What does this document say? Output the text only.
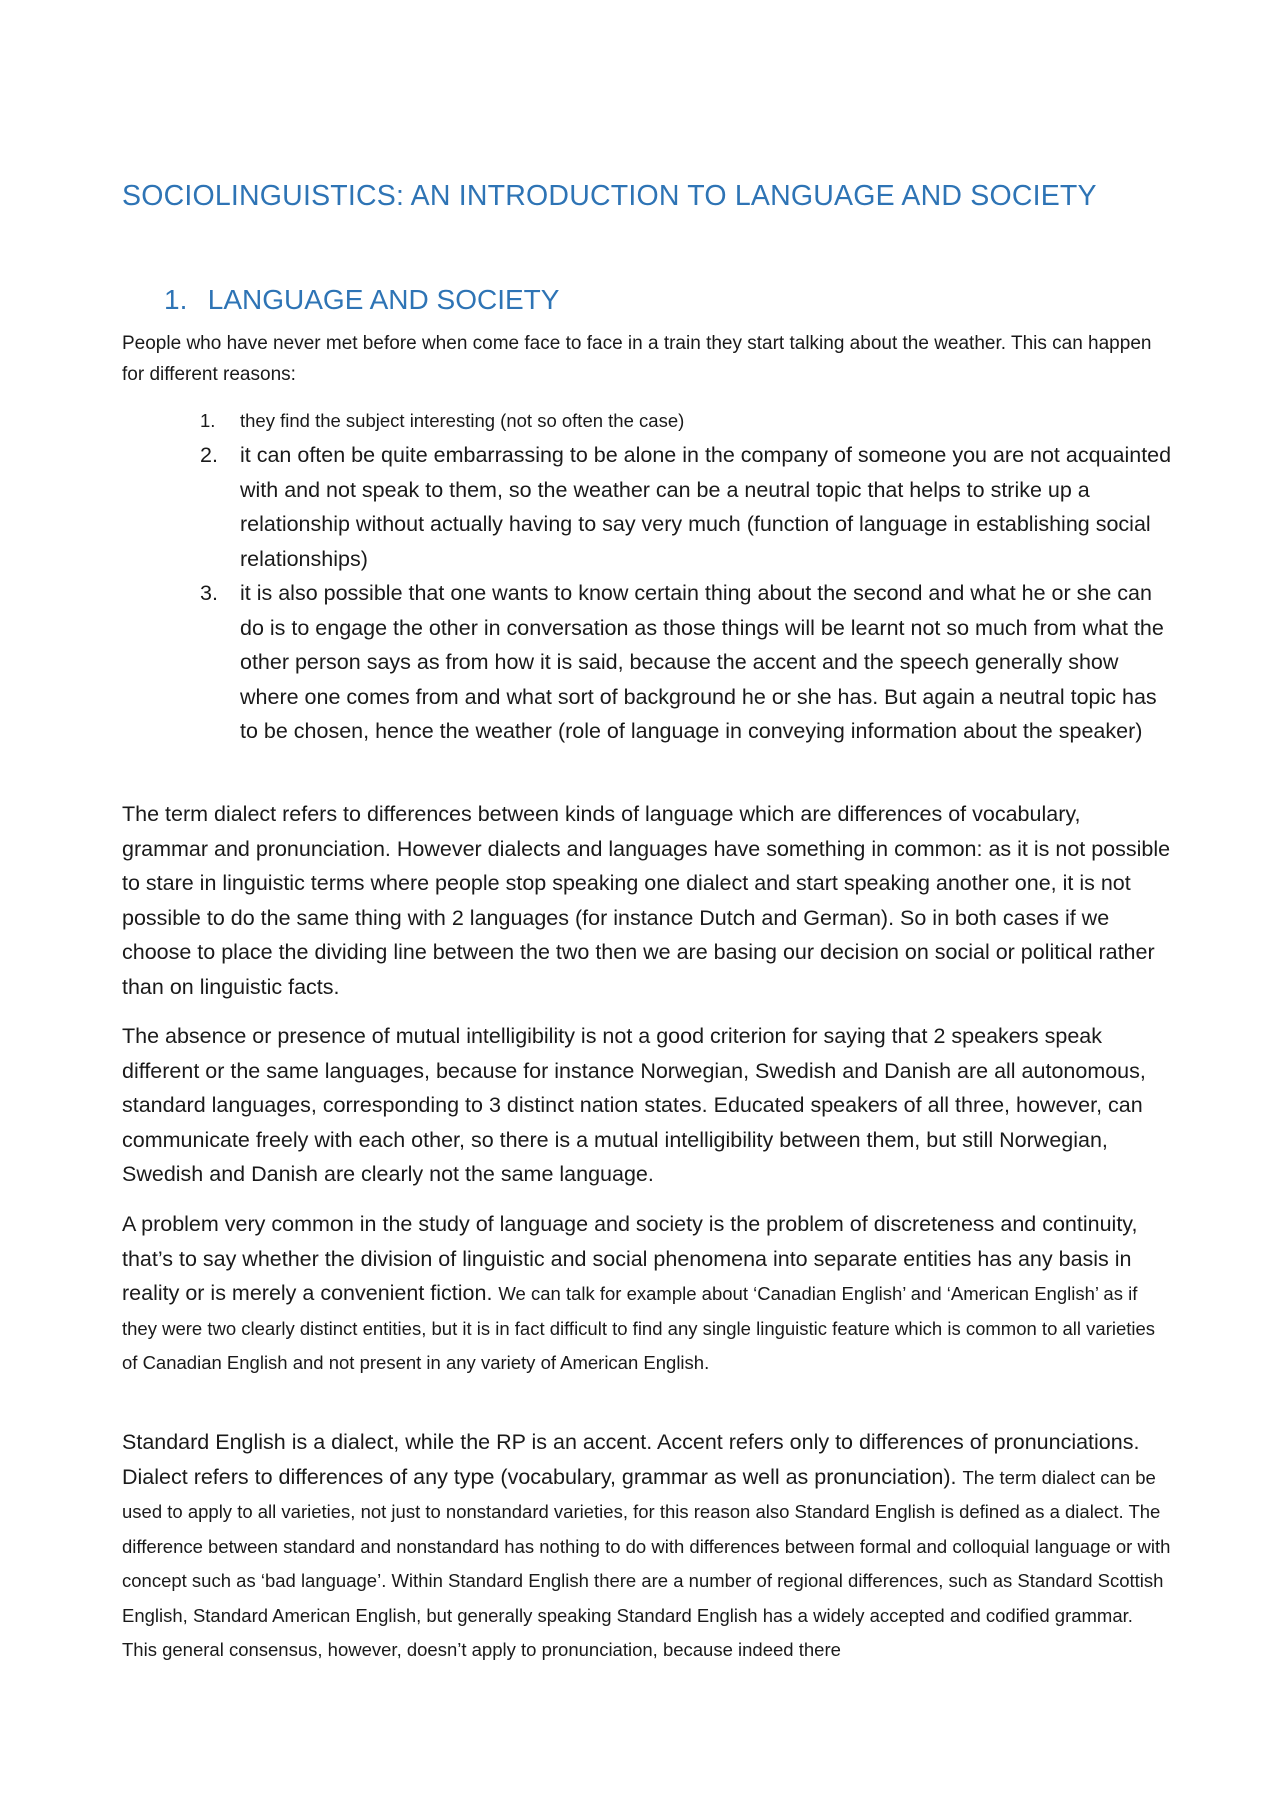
SOCIOLINGUISTICS: AN INTRODUCTION TO LANGUAGE AND SOCIETY
1. LANGUAGE AND SOCIETY

People who have never met before when come face to face in a train they start talking about the weather. This can happen for different reasons:

1. they find the subject interesting (not so often the case)
2. it can often be quite embarrassing to be alone in the company of someone you are not acquainted with and not speak to them, so the weather can be a neutral topic that helps to strike up a relationship without actually having to say very much (function of language in establishing social relationships)
3. it is also possible that one wants to know certain thing about the second and what he or she can do is to engage the other in conversation as those things will be learnt not so much from what the other person says as from how it is said, because the accent and the speech generally show where one comes from and what sort of background he or she has. But again a neutral topic has to be chosen, hence the weather (role of language in conveying information about the speaker)

The term dialect refers to differences between kinds of language which are differences of vocabulary, grammar and pronunciation. However dialects and languages have something in common: as it is not possible to stare in linguistic terms where people stop speaking one dialect and start speaking another one, it is not possible to do the same thing with 2 languages (for instance Dutch and German). So in both cases if we choose to place the dividing line between the two then we are basing our decision on social or political rather than on linguistic facts.

The absence or presence of mutual intelligibility is not a good criterion for saying that 2 speakers speak different or the same languages, because for instance Norwegian, Swedish and Danish are all autonomous, standard languages, corresponding to 3 distinct nation states. Educated speakers of all three, however, can communicate freely with each other, so there is a mutual intelligibility between them, but still Norwegian, Swedish and Danish are clearly not the same language.

A problem very common in the study of language and society is the problem of discreteness and continuity, that’s to say whether the division of linguistic and social phenomena into separate entities has any basis in reality or is merely a convenient fiction. We can talk for example about ‘Canadian English’ and ‘American English’ as if they were two clearly distinct entities, but it is in fact difficult to find any single linguistic feature which is common to all varieties of Canadian English and not present in any variety of American English.

Standard English is a dialect, while the RP is an accent. Accent refers only to differences of pronunciations. Dialect refers to differences of any type (vocabulary, grammar as well as pronunciation). The term dialect can be used to apply to all varieties, not just to nonstandard varieties, for this reason also Standard English is defined as a dialect. The difference between standard and nonstandard has nothing to do with differences between formal and colloquial language or with concept such as ‘bad language’. Within Standard English there are a number of regional differences, such as Standard Scottish English, Standard American English, but generally speaking Standard English has a widely accepted and codified grammar. This general consensus, however, doesn’t apply to pronunciation, because indeed there
